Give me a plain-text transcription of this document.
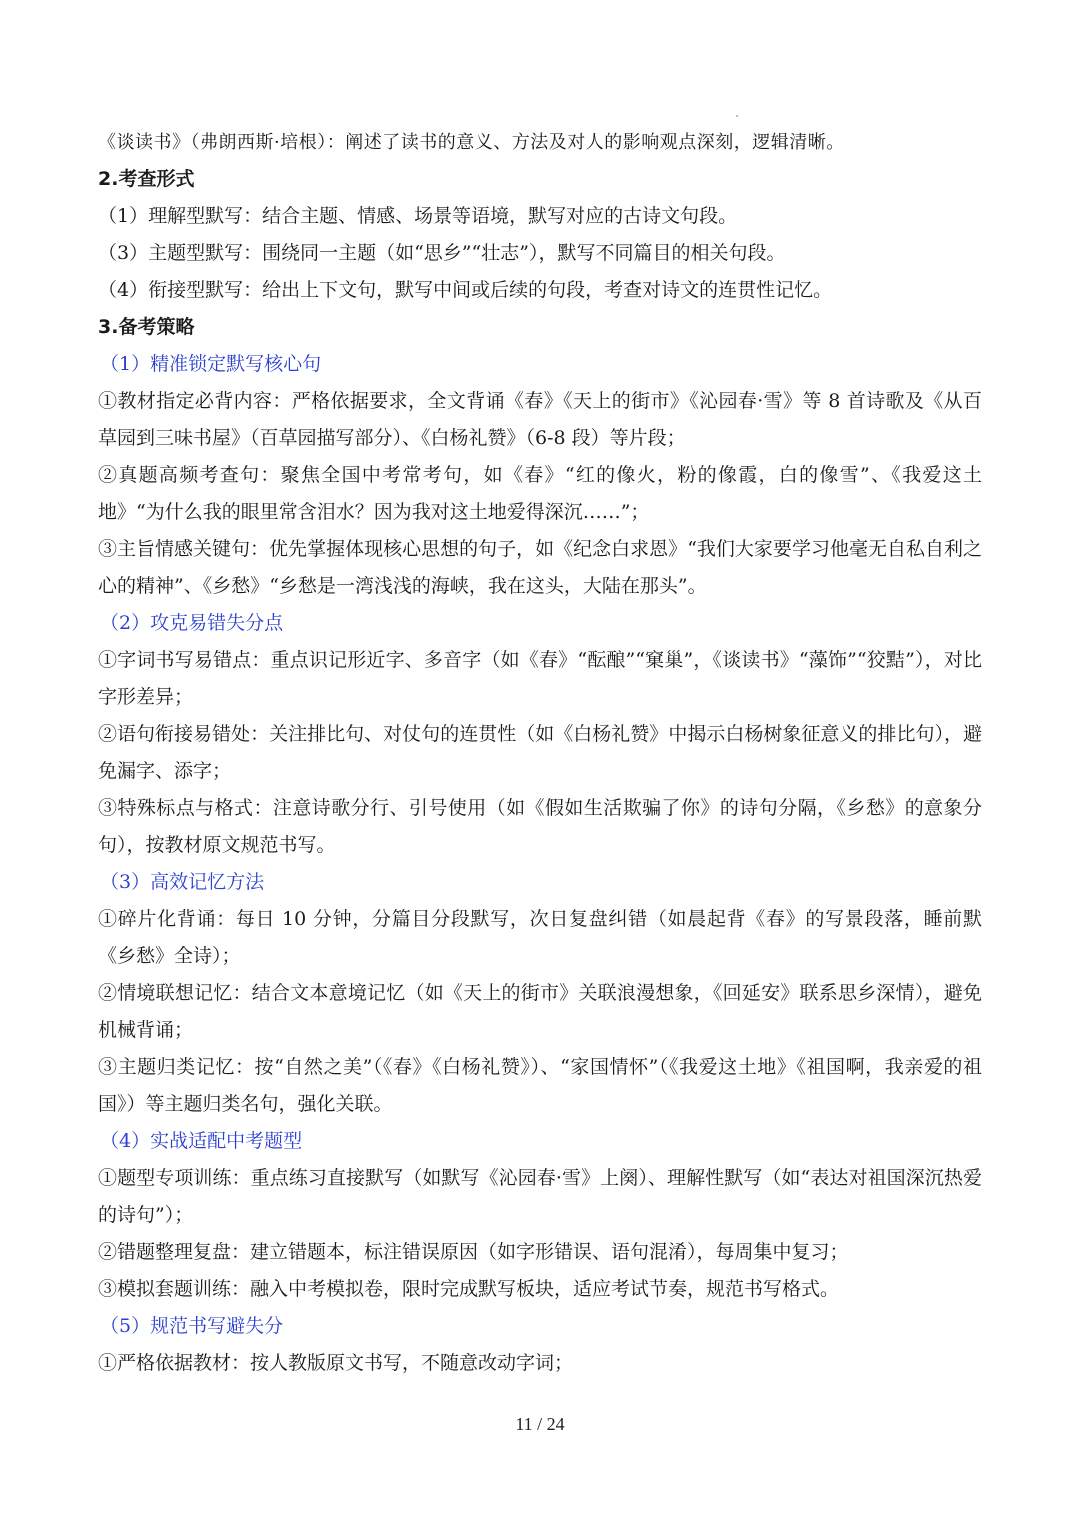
《谈读书》（弗朗西斯·培根）：阐述了读书的意义、方法及对人的影响观点深刻，逻辑清晰。
2.考查形式
（1）理解型默写：结合主题、情感、场景等语境，默写对应的古诗文句段。
（3）主题型默写：围绕同一主题（如“思乡”“壮志”），默写不同篇目的相关句段。
（4）衔接型默写：给出上下文句，默写中间或后续的句段，考查对诗文的连贯性记忆。
3.备考策略
（1）精准锁定默写核心句
①教材指定必背内容：严格依据要求，全文背诵《春》《天上的街市》《沁园春·雪》等 8 首诗歌及《从百草园到三味书屋》（百草园描写部分）、《白杨礼赞》（6-8 段）等片段；
②真题高频考查句：聚焦全国中考常考句，如《春》“红的像火，粉的像霞，白的像雪”、《我爱这土地》“为什么我的眼里常含泪水？因为我对这土地爱得深沉……”；
③主旨情感关键句：优先掌握体现核心思想的句子，如《纪念白求恩》“我们大家要学习他毫无自私自利之心的精神”、《乡愁》“乡愁是一湾浅浅的海峡，我在这头，大陆在那头”。
（2）攻克易错失分点
①字词书写易错点：重点识记形近字、多音字（如《春》“酝酿”“窠巢”，《谈读书》“藻饰”“狡黠”），对比字形差异；
②语句衔接易错处：关注排比句、对仗句的连贯性（如《白杨礼赞》中揭示白杨树象征意义的排比句），避免漏字、添字；
③特殊标点与格式：注意诗歌分行、引号使用（如《假如生活欺骗了你》的诗句分隔，《乡愁》的意象分句），按教材原文规范书写。
（3）高效记忆方法
①碎片化背诵：每日 10 分钟，分篇目分段默写，次日复盘纠错（如晨起背《春》的写景段落，睡前默《乡愁》全诗）；
②情境联想记忆：结合文本意境记忆（如《天上的街市》关联浪漫想象，《回延安》联系思乡深情），避免机械背诵；
③主题归类记忆：按“自然之美”（《春》《白杨礼赞》）、“家国情怀”（《我爱这土地》《祖国啊，我亲爱的祖国》）等主题归类名句，强化关联。
（4）实战适配中考题型
①题型专项训练：重点练习直接默写（如默写《沁园春·雪》上阕）、理解性默写（如“表达对祖国深沉热爱的诗句”）；
②错题整理复盘：建立错题本，标注错误原因（如字形错误、语句混淆），每周集中复习；
③模拟套题训练：融入中考模拟卷，限时完成默写板块，适应考试节奏，规范书写格式。
（5）规范书写避失分
①严格依据教材：按人教版原文书写，不随意改动字词；
11 / 24
